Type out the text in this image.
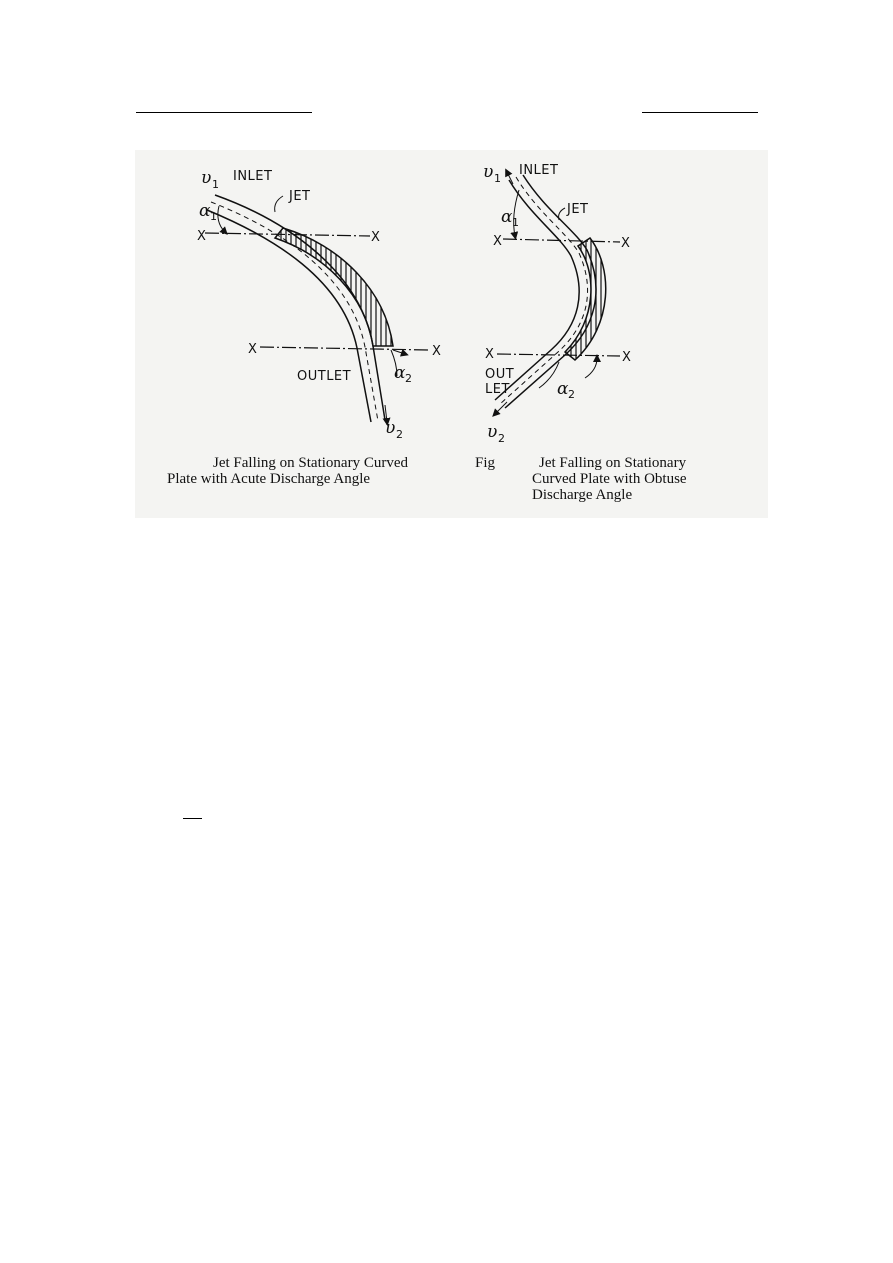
υ 1
INLET
JET
α 1
X	X
X	X
OUTLET	α 2
υ 2
υ 1
INLET
JET
α 1
X	X
X	X
OUT
LET	α 2
υ 2
Jet Falling on Stationary Curved
Plate with Acute Discharge Angle
Fig	Jet Falling on Stationary
Curved Plate with Obtuse
Discharge Angle
